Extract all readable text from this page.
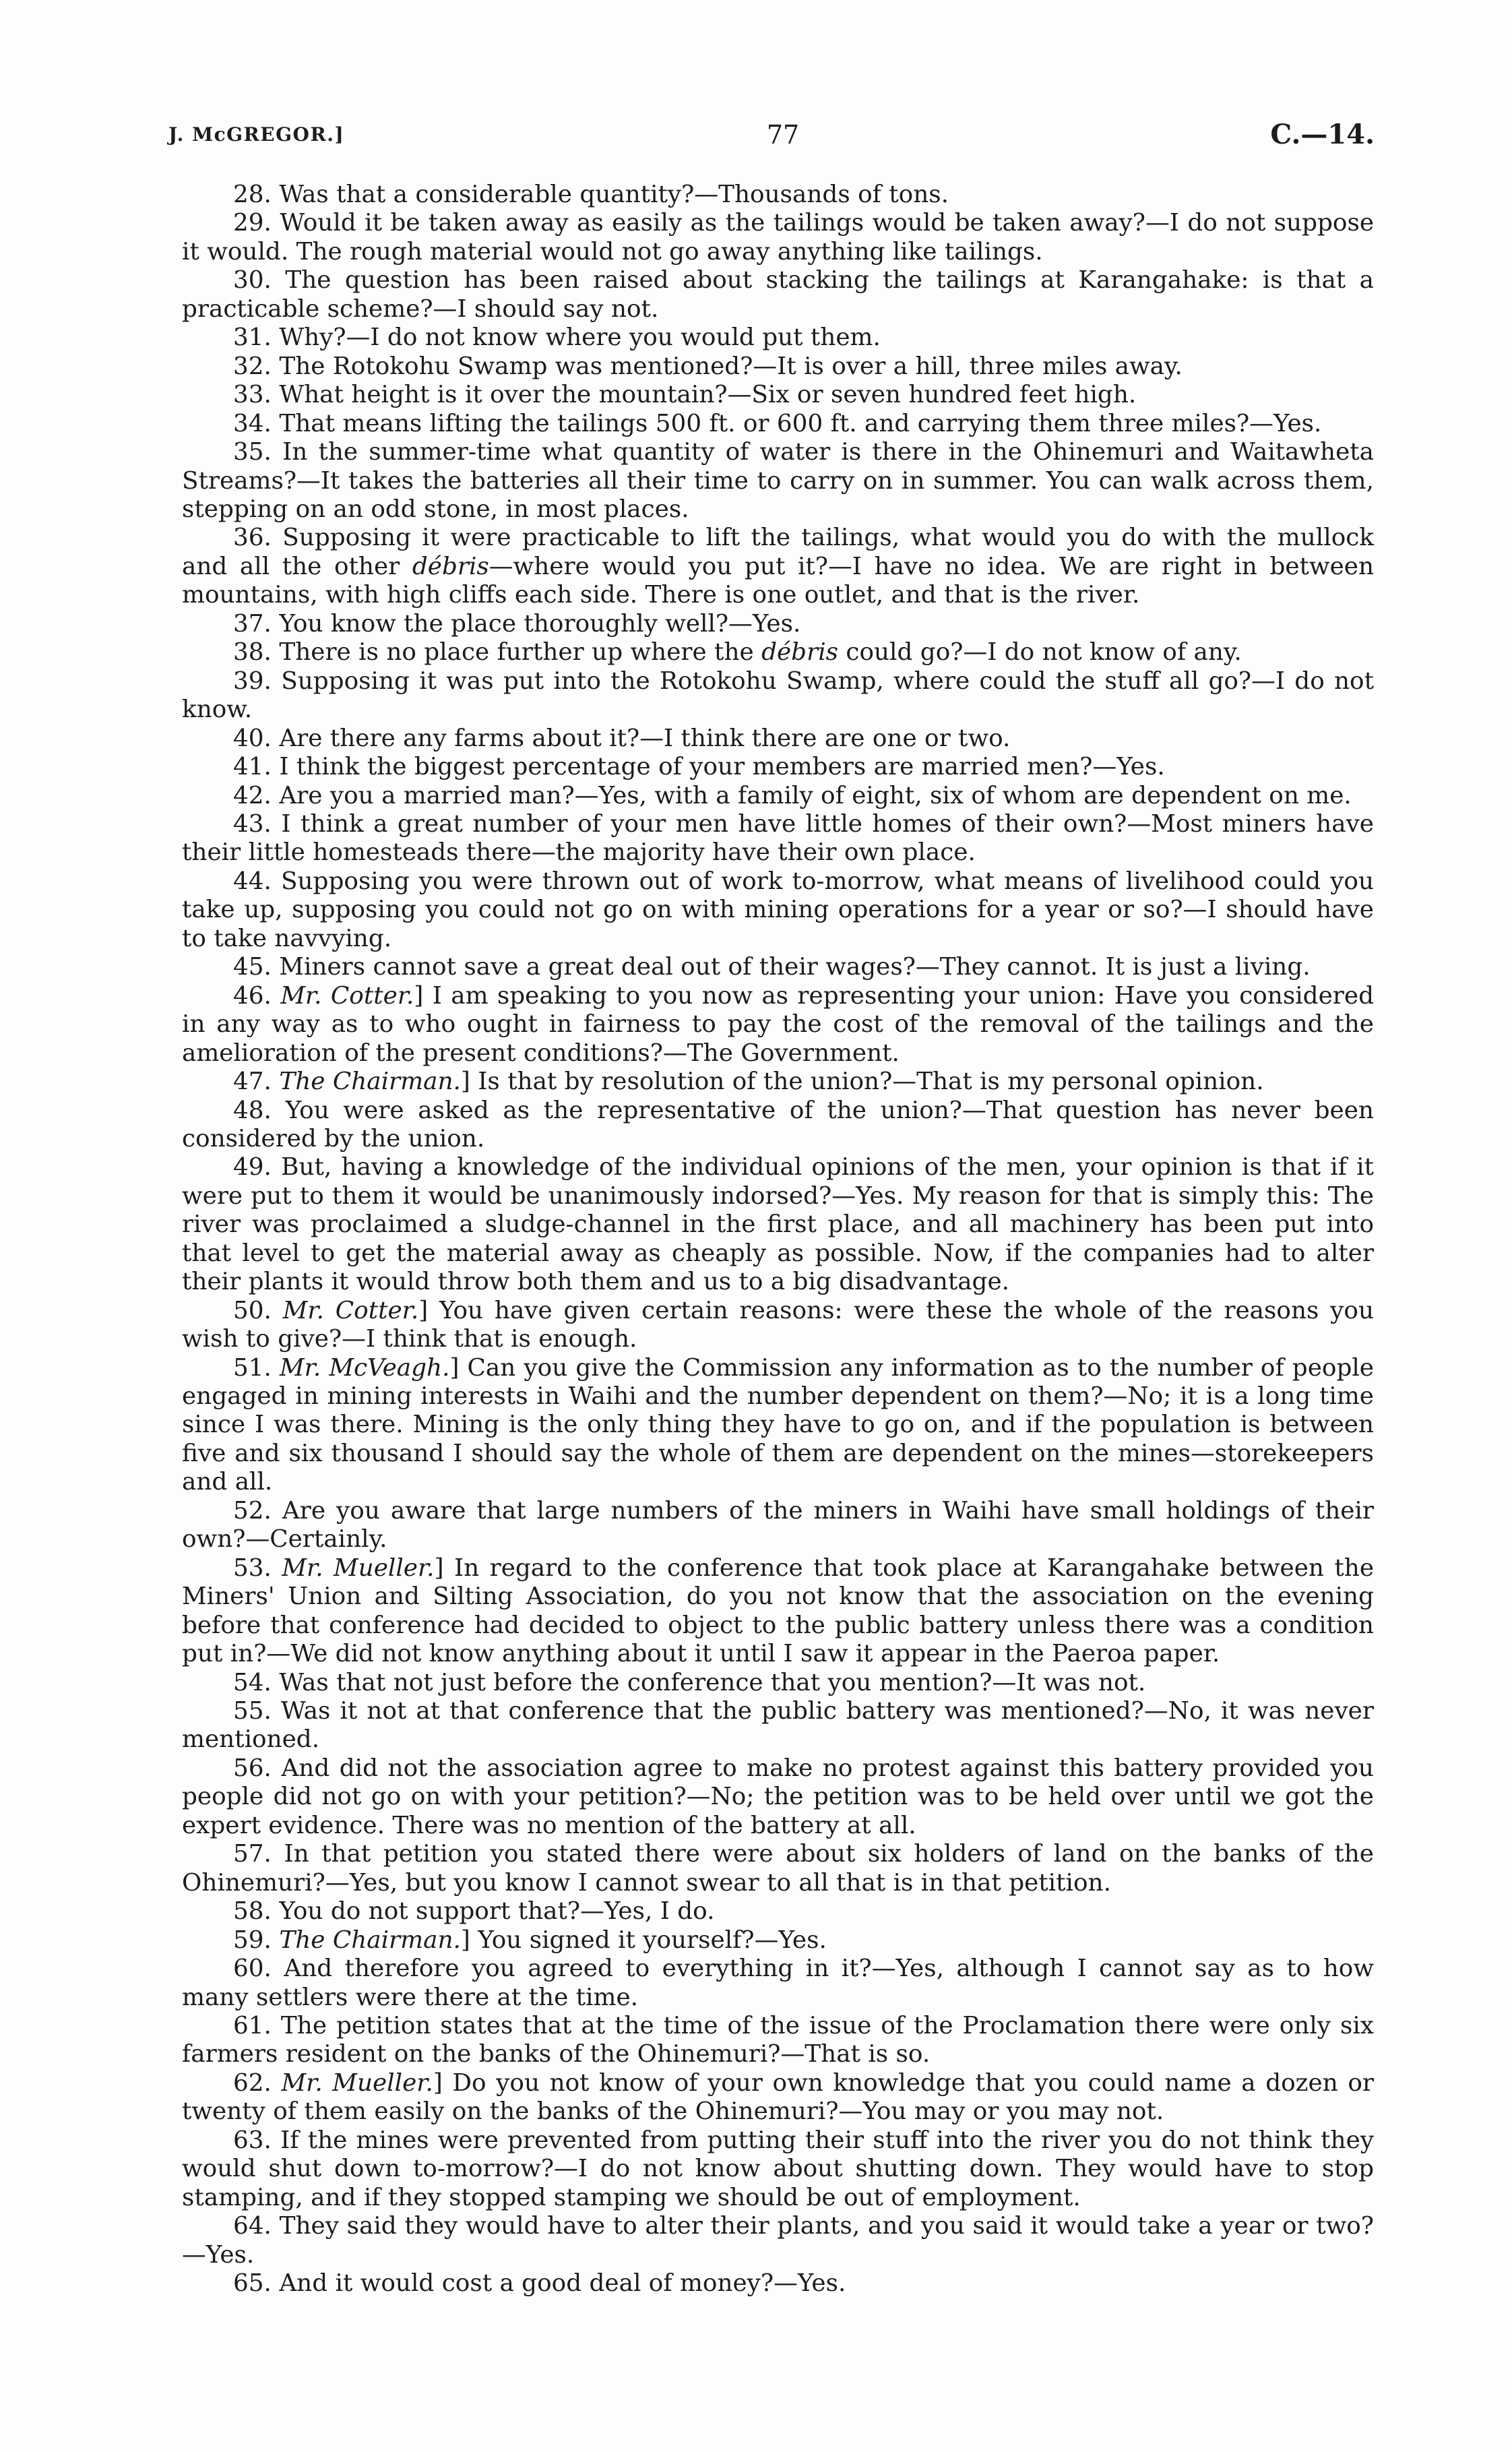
J. McGREGOR.]	77	C.—14.

28. Was that a considerable quantity?—Thousands of tons.

29. Would it be taken away as easily as the tailings would be taken away?—I do not suppose it would. The rough material would not go away anything like tailings.

30. The question has been raised about stacking the tailings at Karangahake: is that a practicable scheme?—I should say not.

31. Why?—I do not know where you would put them.

32. The Rotokohu Swamp was mentioned?—It is over a hill, three miles away.

33. What height is it over the mountain?—Six or seven hundred feet high.

34. That means lifting the tailings 500 ft. or 600 ft. and carrying them three miles?—Yes.

35. In the summer-time what quantity of water is there in the Ohinemuri and Waitawheta Streams?—It takes the batteries all their time to carry on in summer. You can walk across them, stepping on an odd stone, in most places.

36. Supposing it were practicable to lift the tailings, what would you do with the mullock and all the other débris—where would you put it?—I have no idea. We are right in between mountains, with high cliffs each side. There is one outlet, and that is the river.

37. You know the place thoroughly well?—Yes.

38. There is no place further up where the débris could go?—I do not know of any.

39. Supposing it was put into the Rotokohu Swamp, where could the stuff all go?—I do not know.

40. Are there any farms about it?—I think there are one or two.

41. I think the biggest percentage of your members are married men?—Yes.

42. Are you a married man?—Yes, with a family of eight, six of whom are dependent on me.

43. I think a great number of your men have little homes of their own?—Most miners have their little homesteads there—the majority have their own place.

44. Supposing you were thrown out of work to-morrow, what means of livelihood could you take up, supposing you could not go on with mining operations for a year or so?—I should have to take navvying.

45. Miners cannot save a great deal out of their wages?—They cannot. It is just a living.

46. Mr. Cotter.] I am speaking to you now as representing your union: Have you considered in any way as to who ought in fairness to pay the cost of the removal of the tailings and the amelioration of the present conditions?—The Government.

47. The Chairman.] Is that by resolution of the union?—That is my personal opinion.

48. You were asked as the representative of the union?—That question has never been considered by the union.

49. But, having a knowledge of the individual opinions of the men, your opinion is that if it were put to them it would be unanimously indorsed?—Yes. My reason for that is simply this: The river was proclaimed a sludge-channel in the first place, and all machinery has been put into that level to get the material away as cheaply as possible. Now, if the companies had to alter their plants it would throw both them and us to a big disadvantage.

50. Mr. Cotter.] You have given certain reasons: were these the whole of the reasons you wish to give?—I think that is enough.

51. Mr. McVeagh.] Can you give the Commission any information as to the number of people engaged in mining interests in Waihi and the number dependent on them?—No; it is a long time since I was there. Mining is the only thing they have to go on, and if the population is between five and six thousand I should say the whole of them are dependent on the mines—storekeepers and all.

52. Are you aware that large numbers of the miners in Waihi have small holdings of their own?—Certainly.

53. Mr. Mueller.] In regard to the conference that took place at Karangahake between the Miners' Union and Silting Association, do you not know that the association on the evening before that conference had decided to object to the public battery unless there was a condition put in?—We did not know anything about it until I saw it appear in the Paeroa paper.

54. Was that not just before the conference that you mention?—It was not.

55. Was it not at that conference that the public battery was mentioned?—No, it was never mentioned.

56. And did not the association agree to make no protest against this battery provided you people did not go on with your petition?—No; the petition was to be held over until we got the expert evidence. There was no mention of the battery at all.

57. In that petition you stated there were about six holders of land on the banks of the Ohinemuri?—Yes, but you know I cannot swear to all that is in that petition.

58. You do not support that?—Yes, I do.

59. The Chairman.] You signed it yourself?—Yes.

60. And therefore you agreed to everything in it?—Yes, although I cannot say as to how many settlers were there at the time.

61. The petition states that at the time of the issue of the Proclamation there were only six farmers resident on the banks of the Ohinemuri?—That is so.

62. Mr. Mueller.] Do you not know of your own knowledge that you could name a dozen or twenty of them easily on the banks of the Ohinemuri?—You may or you may not.

63. If the mines were prevented from putting their stuff into the river you do not think they would shut down to-morrow?—I do not know about shutting down. They would have to stop stamping, and if they stopped stamping we should be out of employment.

64. They said they would have to alter their plants, and you said it would take a year or two?—Yes.

65. And it would cost a good deal of money?—Yes.
